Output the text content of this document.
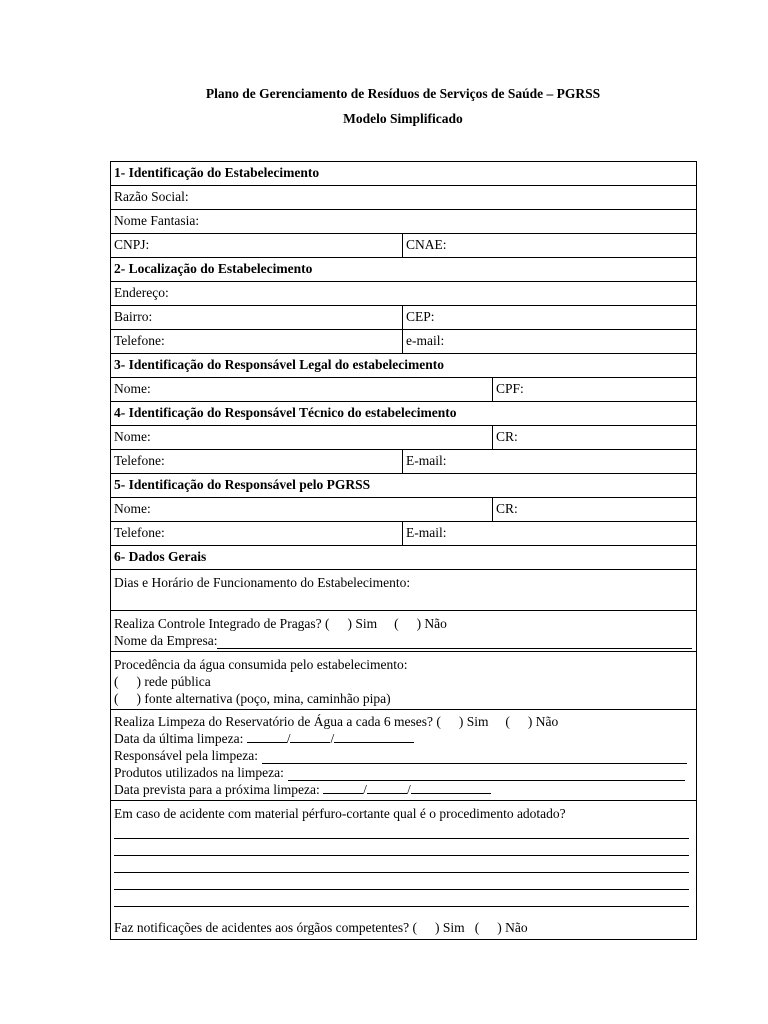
Plano de Gerenciamento de Resíduos de Serviços de Saúde – PGRSS
Modelo Simplificado
1- Identificação do Estabelecimento		
Razão Social:		
Nome Fantasia:		
CNPJ:	CNAE:	
2- Localização do Estabelecimento		
Endereço:		
Bairro:	CEP:	
Telefone:	e-mail:	
3- Identificação do Responsável Legal do estabelecimento		
Nome:		CPF:
4- Identificação do Responsável Técnico do estabelecimento		
Nome:		CR:
Telefone:	E-mail:	
5- Identificação do Responsável pelo PGRSS		
Nome:		CR:
Telefone:	E-mail:	
6- Dados Gerais		

Dias e Horário de Funcionamento do Estabelecimento:		

Realiza Controle Integrado de Pragas? ( ) Sim ( ) Não
Nome da Empresa:		

Procedência da água consumida pelo estabelecimento:
( ) rede pública
( ) fonte alternativa (poço, mina, caminhão pipa)		

Realiza Limpeza do Reservatório de Água a cada 6 meses? ( ) Sim ( ) Não
Data da última limpeza: / /
Responsável pela limpeza:
Produtos utilizados na limpeza:
Data prevista para a próxima limpeza: / /		

Em caso de acidente com material pérfuro-cortante qual é o procedimento adotado?
Faz notificações de acidentes aos órgãos competentes? ( ) Sim ( ) Não		
